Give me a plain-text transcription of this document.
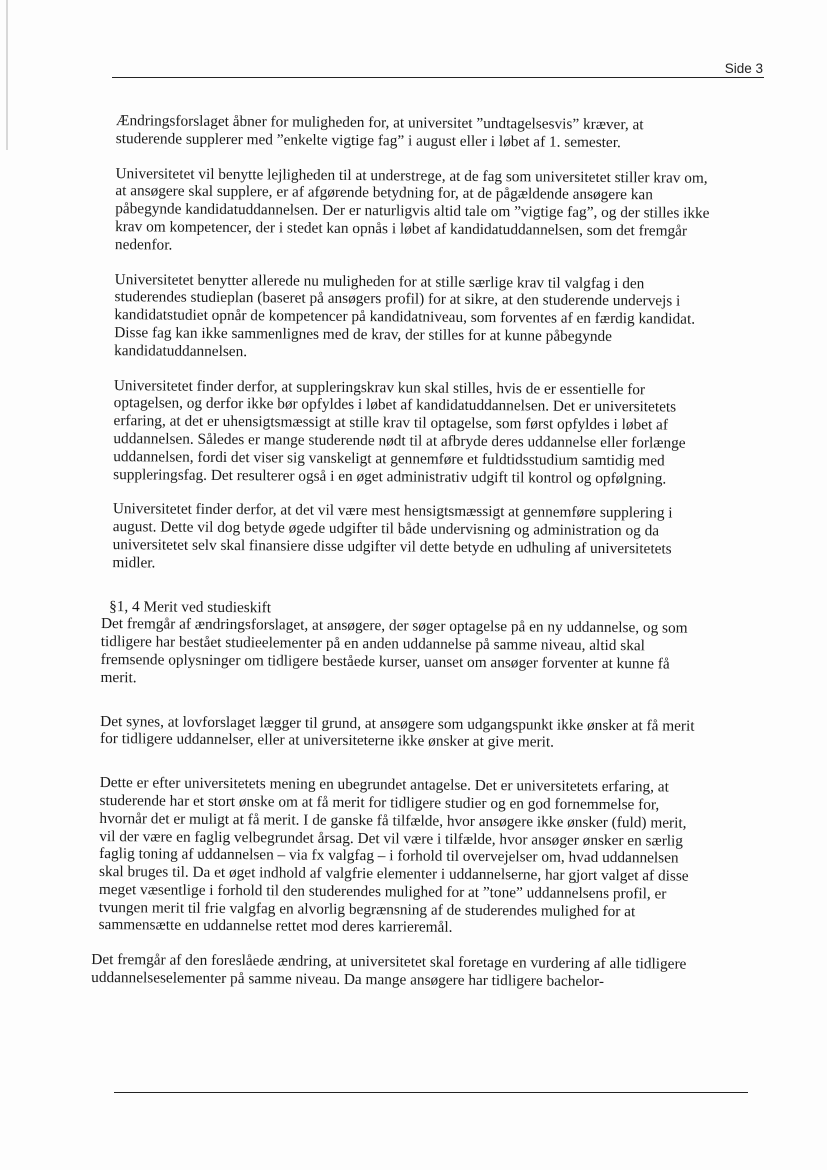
Side 3

Ændringsforslaget åbner for muligheden for, at universitet ”undtagelsesvis” kræver, at
studerende supplerer med ”enkelte vigtige fag” i august eller i løbet af 1. semester.

Universitetet vil benytte lejligheden til at understrege, at de fag som universitetet stiller krav om,
at ansøgere skal supplere, er af afgørende betydning for, at de pågældende ansøgere kan
påbegynde kandidatuddannelsen. Der er naturligvis altid tale om ”vigtige fag”, og der stilles ikke
krav om kompetencer, der i stedet kan opnås i løbet af kandidatuddannelsen, som det fremgår
nedenfor.

Universitetet benytter allerede nu muligheden for at stille særlige krav til valgfag i den
studerendes studieplan (baseret på ansøgers profil) for at sikre, at den studerende undervejs i
kandidatstudiet opnår de kompetencer på kandidatniveau, som forventes af en færdig kandidat.
Disse fag kan ikke sammenlignes med de krav, der stilles for at kunne påbegynde
kandidatuddannelsen.

Universitetet finder derfor, at suppleringskrav kun skal stilles, hvis de er essentielle for
optagelsen, og derfor ikke bør opfyldes i løbet af kandidatuddannelsen. Det er universitetets
erfaring, at det er uhensigtsmæssigt at stille krav til optagelse, som først opfyldes i løbet af
uddannelsen. Således er mange studerende nødt til at afbryde deres uddannelse eller forlænge
uddannelsen, fordi det viser sig vanskeligt at gennemføre et fuldtidsstudium samtidig med
suppleringsfag. Det resulterer også i en øget administrativ udgift til kontrol og opfølgning.

Universitetet finder derfor, at det vil være mest hensigtsmæssigt at gennemføre supplering i
august. Dette vil dog betyde øgede udgifter til både undervisning og administration og da
universitetet selv skal finansiere disse udgifter vil dette betyde en udhuling af universitetets
midler.

§1, 4 Merit ved studieskift
Det fremgår af ændringsforslaget, at ansøgere, der søger optagelse på en ny uddannelse, og som
tidligere har bestået studieelementer på en anden uddannelse på samme niveau, altid skal
fremsende oplysninger om tidligere beståede kurser, uanset om ansøger forventer at kunne få
merit.

Det synes, at lovforslaget lægger til grund, at ansøgere som udgangspunkt ikke ønsker at få merit
for tidligere uddannelser, eller at universiteterne ikke ønsker at give merit.

Dette er efter universitetets mening en ubegrundet antagelse. Det er universitetets erfaring, at
studerende har et stort ønske om at få merit for tidligere studier og en god fornemmelse for,
hvornår det er muligt at få merit. I de ganske få tilfælde, hvor ansøgere ikke ønsker (fuld) merit,
vil der være en faglig velbegrundet årsag. Det vil være i tilfælde, hvor ansøger ønsker en særlig
faglig toning af uddannelsen – via fx valgfag – i forhold til overvejelser om, hvad uddannelsen
skal bruges til. Da et øget indhold af valgfrie elementer i uddannelserne, har gjort valget af disse
meget væsentlige i forhold til den studerendes mulighed for at ”tone” uddannelsens profil, er
tvungen merit til frie valgfag en alvorlig begrænsning af de studerendes mulighed for at
sammensætte en uddannelse rettet mod deres karrieremål.

Det fremgår af den foreslåede ændring, at universitetet skal foretage en vurdering af alle tidligere
uddannelseselementer på samme niveau. Da mange ansøgere har tidligere bachelor-
